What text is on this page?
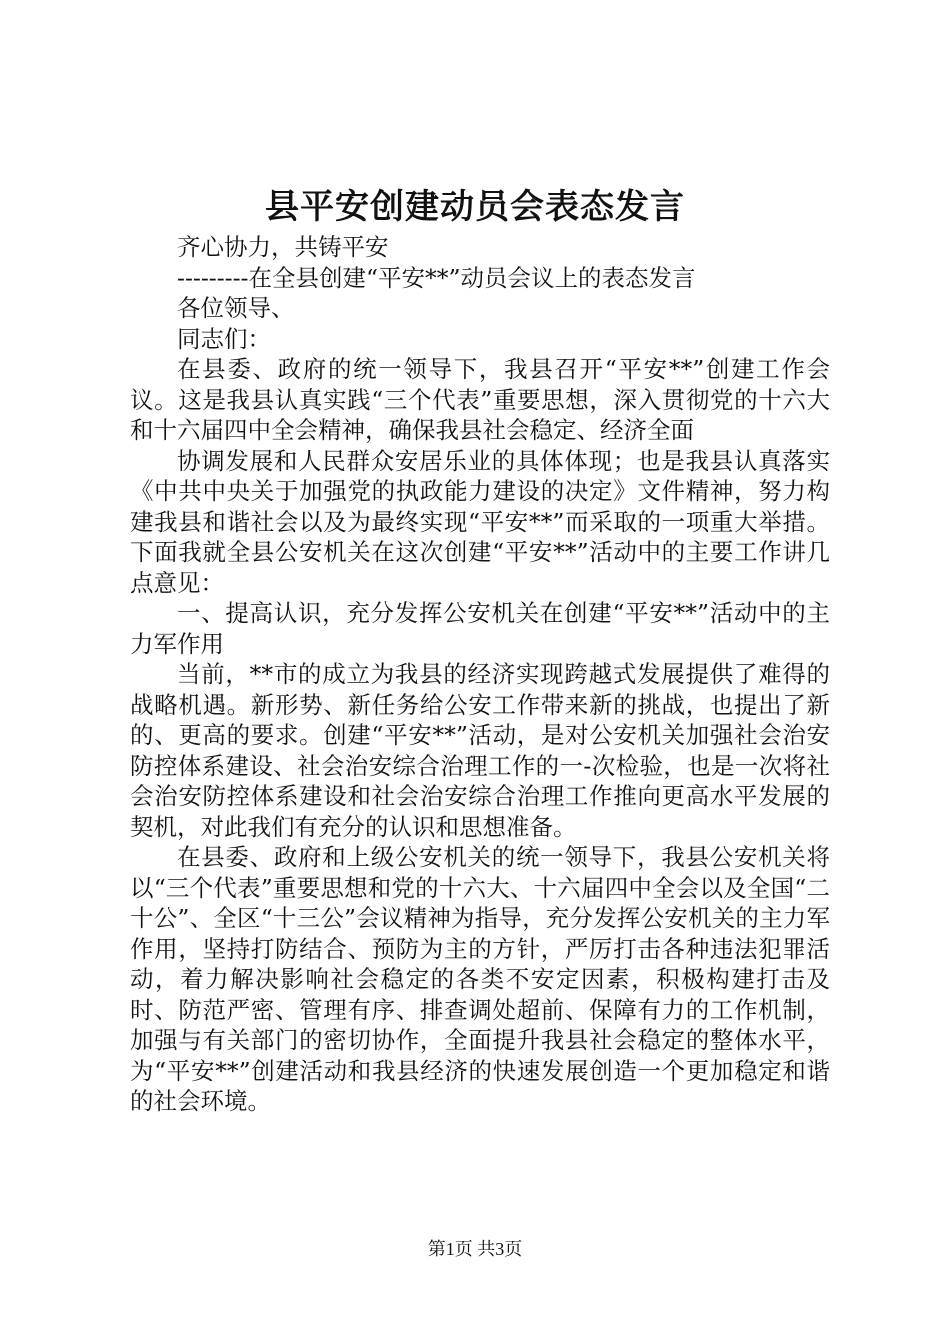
县平安创建动员会表态发言

齐心协力，共铸平安

---------在全县创建“平安**”动员会议上的表态发言

各位领导、

同志们：

在县委、政府的统一领导下，我县召开“平安**”创建工作会议。这是我县认真实践“三个代表”重要思想，深入贯彻党的十六大和十六届四中全会精神，确保我县社会稳定、经济全面

协调发展和人民群众安居乐业的具体体现；也是我县认真落实《中共中央关于加强党的执政能力建设的决定》文件精神，努力构建我县和谐社会以及为最终实现“平安**”而采取的一项重大举措。下面我就全县公安机关在这次创建“平安**”活动中的主要工作讲几点意见：

一、提高认识，充分发挥公安机关在创建“平安**”活动中的主力军作用

当前，**市的成立为我县的经济实现跨越式发展提供了难得的战略机遇。新形势、新任务给公安工作带来新的挑战，也提出了新的、更高的要求。创建“平安**”活动，是对公安机关加强社会治安防控体系建设、社会治安综合治理工作的一-次检验，也是一次将社会治安防控体系建设和社会治安综合治理工作推向更高水平发展的契机，对此我们有充分的认识和思想准备。

在县委、政府和上级公安机关的统一领导下，我县公安机关将以“三个代表”重要思想和党的十六大、十六届四中全会以及全国“二十公”、全区“十三公”会议精神为指导，充分发挥公安机关的主力军作用，坚持打防结合、预防为主的方针，严厉打击各种违法犯罪活动，着力解决影响社会稳定的各类不安定因素，积极构建打击及时、防范严密、管理有序、排查调处超前、保障有力的工作机制，加强与有关部门的密切协作，全面提升我县社会稳定的整体水平，为“平安**”创建活动和我县经济的快速发展创造一个更加稳定和谐的社会环境。

第1页 共3页
